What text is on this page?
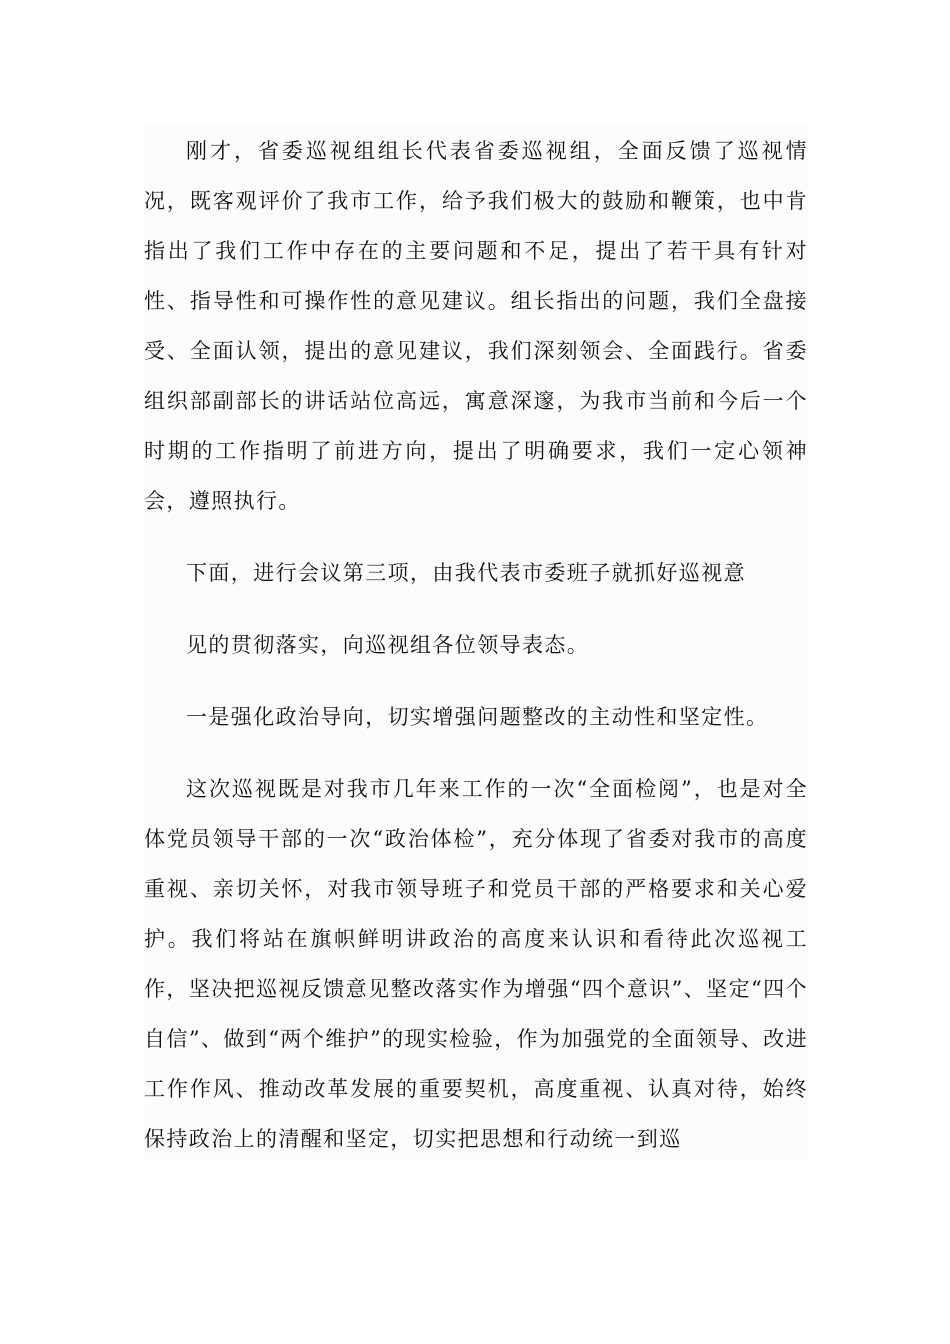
刚才，省委巡视组组长代表省委巡视组，全面反馈了巡视情况，既客观评价了我市工作，给予我们极大的鼓励和鞭策，也中肯指出了我们工作中存在的主要问题和不足，提出了若干具有针对性、指导性和可操作性的意见建议。组长指出的问题，我们全盘接受、全面认领，提出的意见建议，我们深刻领会、全面践行。省委组织部副部长的讲话站位高远，寓意深邃，为我市当前和今后一个时期的工作指明了前进方向，提出了明确要求，我们一定心领神会，遵照执行。

下面，进行会议第三项，由我代表市委班子就抓好巡视意

见的贯彻落实，向巡视组各位领导表态。

一是强化政治导向，切实增强问题整改的主动性和坚定性。

这次巡视既是对我市几年来工作的一次“全面检阅”，也是对全体党员领导干部的一次“政治体检”，充分体现了省委对我市的高度重视、亲切关怀，对我市领导班子和党员干部的严格要求和关心爱护。我们将站在旗帜鲜明讲政治的高度来认识和看待此次巡视工作，坚决把巡视反馈意见整改落实作为增强“四个意识”、坚定“四个自信”、做到“两个维护”的现实检验，作为加强党的全面领导、改进工作作风、推动改革发展的重要契机，高度重视、认真对待，始终保持政治上的清醒和坚定，切实把思想和行动统一到巡
